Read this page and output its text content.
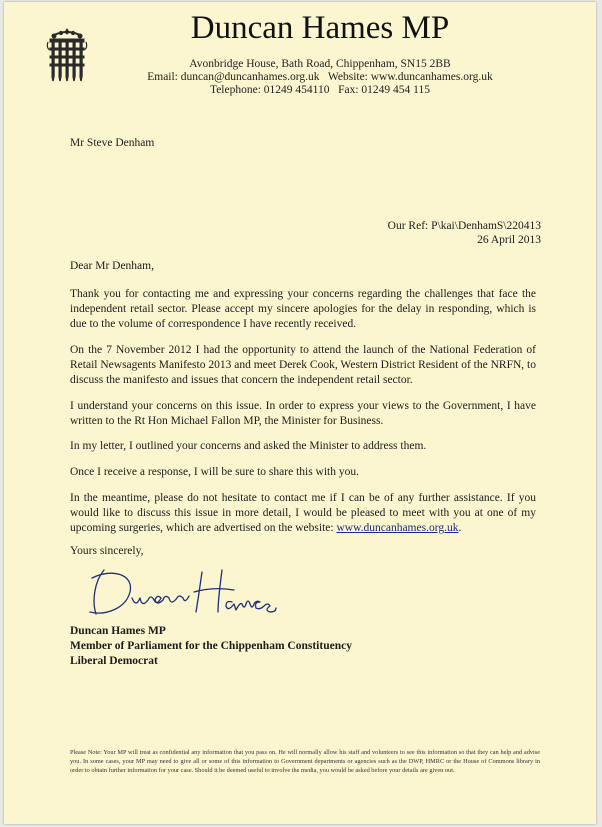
Duncan Hames MP
Avonbridge House, Bath Road, Chippenham, SN15 2BB
Email: duncan@duncanhames.org.uk   Website: www.duncanhames.org.uk
Telephone: 01249 454110   Fax: 01249 454 115
Mr Steve Denham
Our Ref: P\kai\DenhamS\220413
26 April 2013
Dear Mr Denham,

Thank you for contacting me and expressing your concerns regarding the challenges that face the independent retail sector. Please accept my sincere apologies for the delay in responding, which is due to the volume of correspondence I have recently received.

On the 7 November 2012 I had the opportunity to attend the launch of the National Federation of Retail Newsagents Manifesto 2013 and meet Derek Cook, Western District Resident of the NRFN, to discuss the manifesto and issues that concern the independent retail sector.

I understand your concerns on this issue. In order to express your views to the Government, I have written to the Rt Hon Michael Fallon MP, the Minister for Business.

In my letter, I outlined your concerns and asked the Minister to address them.

Once I receive a response, I will be sure to share this with you.

In the meantime, please do not hesitate to contact me if I can be of any further assistance. If you would like to discuss this issue in more detail, I would be pleased to meet with you at one of my upcoming surgeries, which are advertised on the website: www.duncanhames.org.uk.

Yours sincerely,
Duncan Hames MP
Member of Parliament for the Chippenham Constituency
Liberal Democrat

Please Note: Your MP will treat as confidential any information that you pass on. He will normally allow his staff and volunteers to see this information so that they can help and advise you. In some cases, your MP may need to give all or some of this information to Government departments or agencies such as the DWP, HMRC or the House of Commons library in order to obtain further information for your case. Should it be deemed useful to involve the media, you would be asked before your details are given out.
